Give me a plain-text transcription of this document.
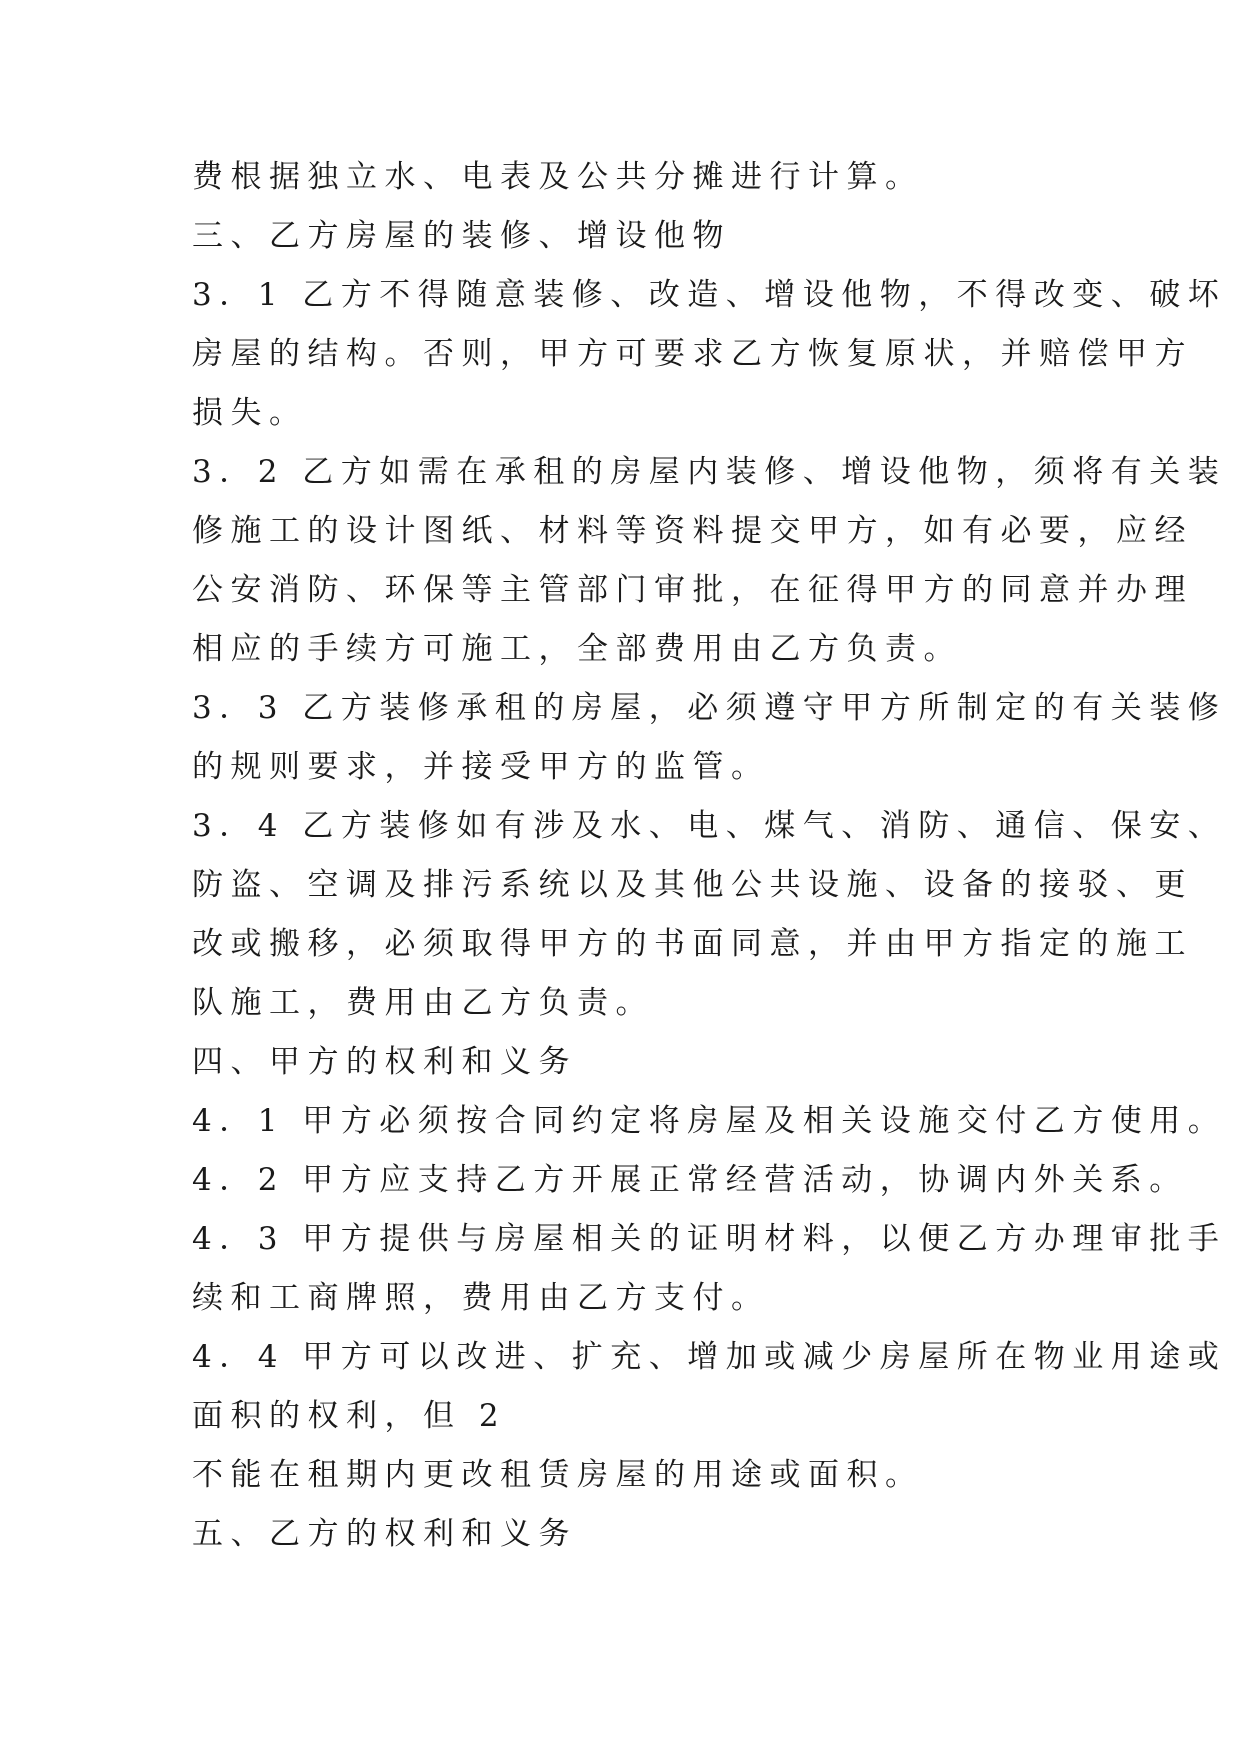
费根据独立水、电表及公共分摊进行计算。
三、乙方房屋的装修、增设他物
3．1 乙方不得随意装修、改造、增设他物，不得改变、破坏
房屋的结构。否则，甲方可要求乙方恢复原状，并赔偿甲方
损失。
3．2 乙方如需在承租的房屋内装修、增设他物，须将有关装
修施工的设计图纸、材料等资料提交甲方，如有必要，应经
公安消防、环保等主管部门审批，在征得甲方的同意并办理
相应的手续方可施工，全部费用由乙方负责。
3．3 乙方装修承租的房屋，必须遵守甲方所制定的有关装修
的规则要求，并接受甲方的监管。
3．4 乙方装修如有涉及水、电、煤气、消防、通信、保安、
防盗、空调及排污系统以及其他公共设施、设备的接驳、更
改或搬移，必须取得甲方的书面同意，并由甲方指定的施工
队施工，费用由乙方负责。
四、甲方的权利和义务
4．1 甲方必须按合同约定将房屋及相关设施交付乙方使用。
4．2 甲方应支持乙方开展正常经营活动，协调内外关系。
4．3 甲方提供与房屋相关的证明材料，以便乙方办理审批手
续和工商牌照，费用由乙方支付。
4．4 甲方可以改进、扩充、增加或减少房屋所在物业用途或
面积的权利，但 2
不能在租期内更改租赁房屋的用途或面积。
五、乙方的权利和义务
